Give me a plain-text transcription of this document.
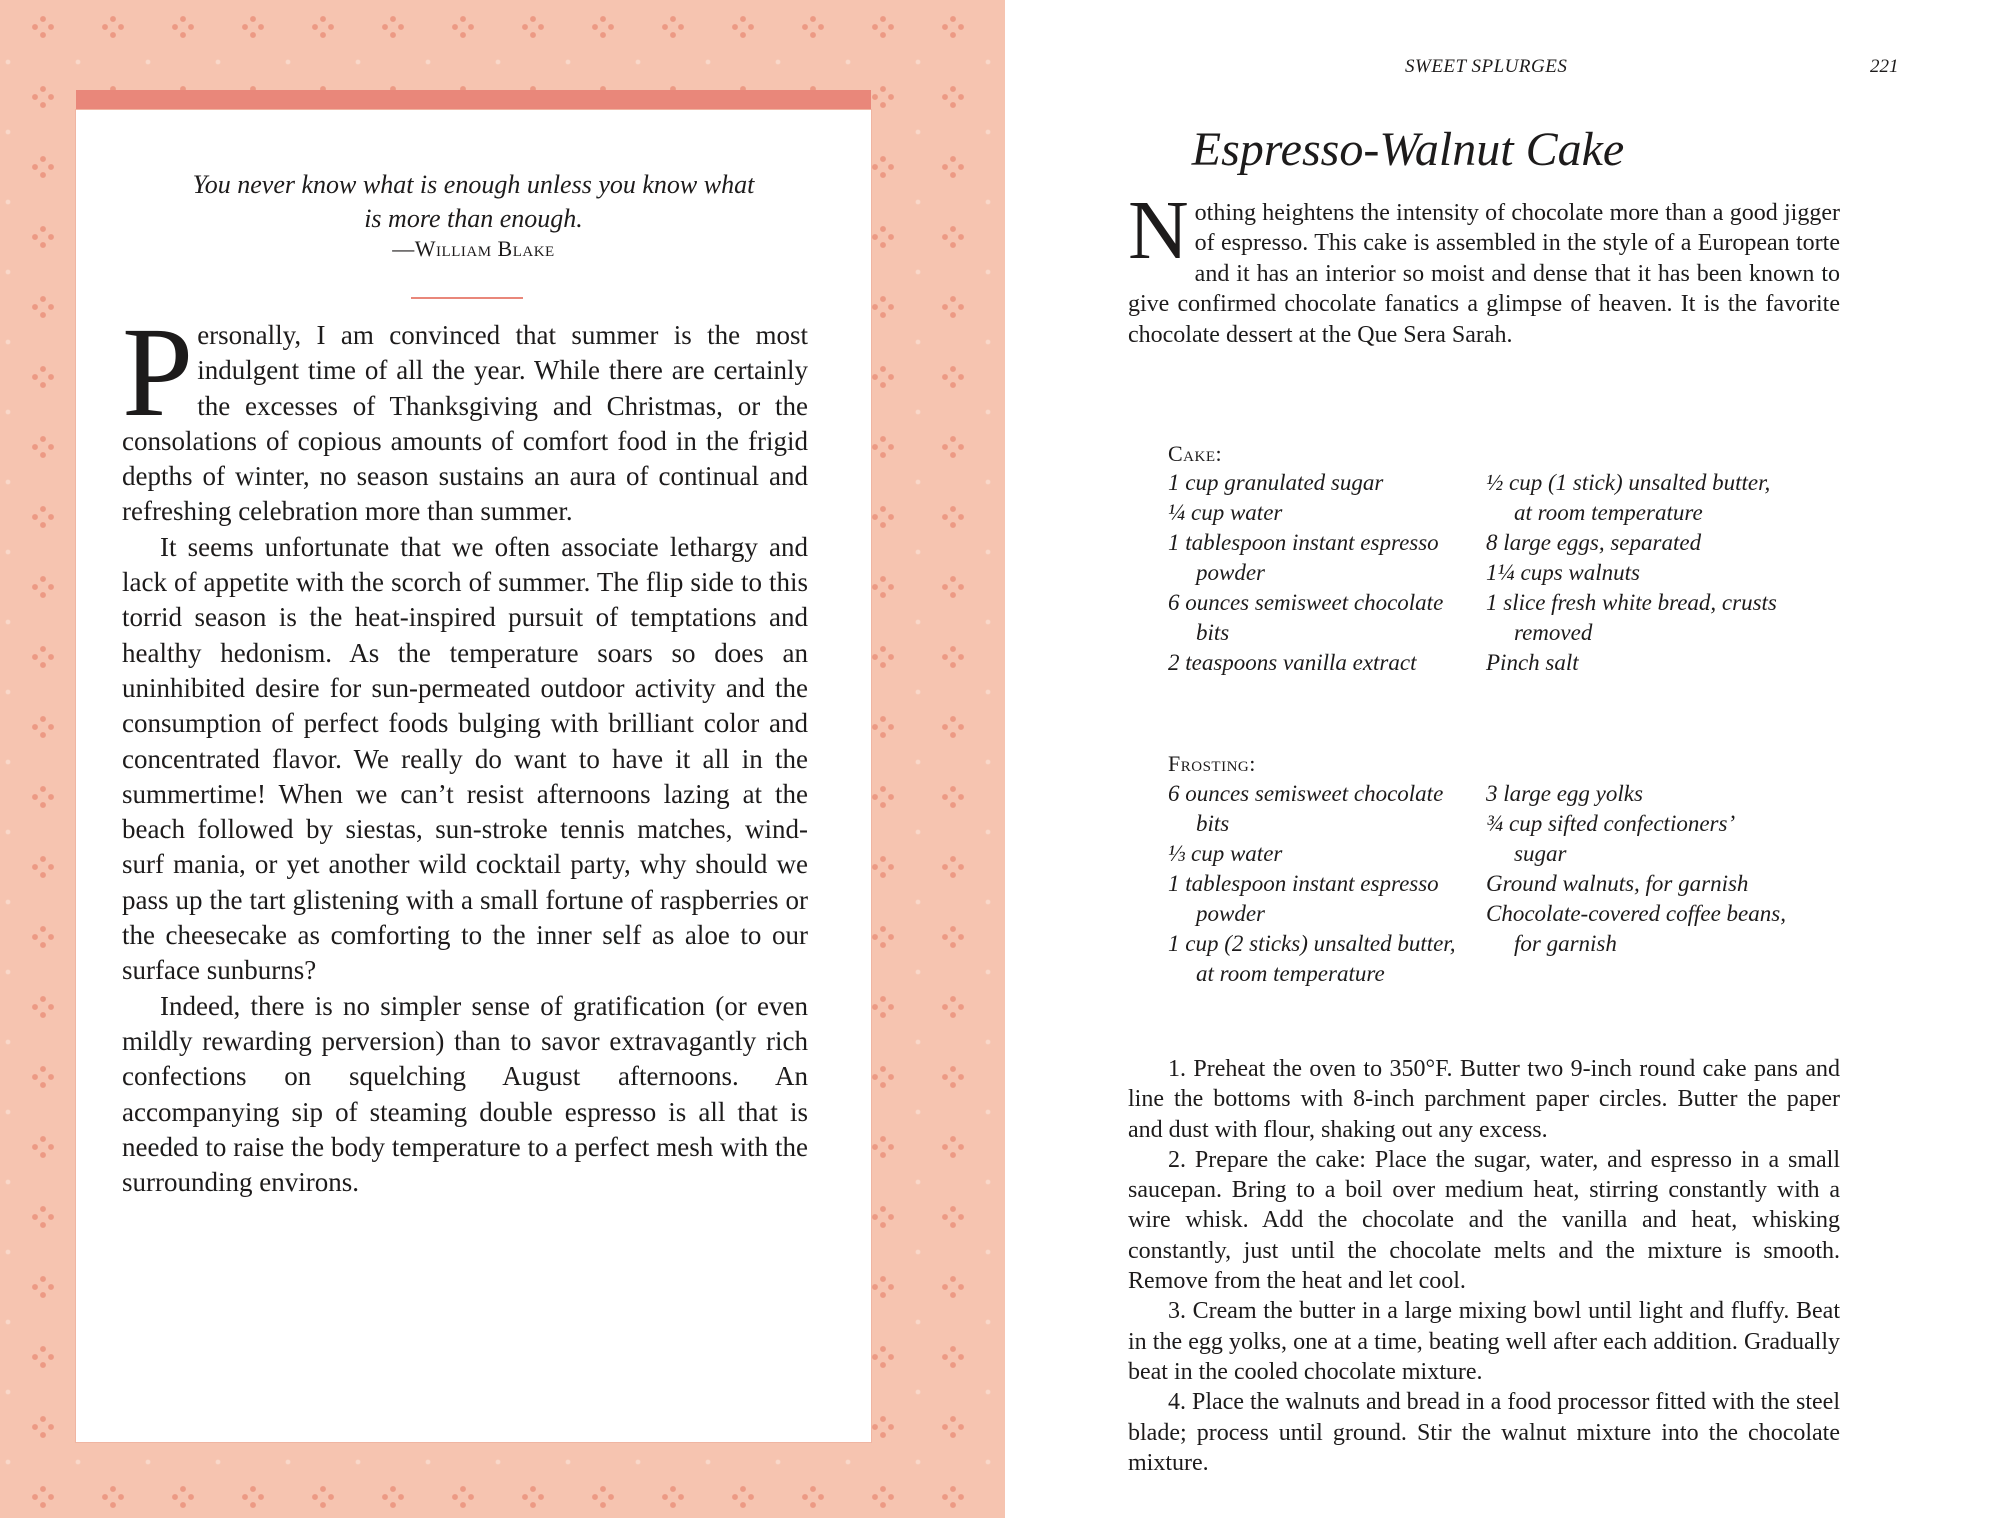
You never know what is enough unless you know what
is more than enough.
—William Blake

Personally, I am convinced that summer is the most indulgent time of all the year. While there are certainly the excesses of Thanksgiving and Christmas, or the consolations of copious amounts of comfort food in the frigid depths of winter, no season sustains an aura of continual and refreshing celebration more than summer.

It seems unfortunate that we often associate lethargy and lack of appetite with the scorch of summer. The flip side to this torrid season is the heat-inspired pursuit of temptations and healthy hedonism. As the temperature soars so does an uninhibited desire for sun-permeated outdoor activity and the consumption of perfect foods bulging with brilliant color and concentrated flavor. We really do want to have it all in the summertime! When we can’t resist afternoons lazing at the beach followed by siestas, sun-stroke tennis matches, wind-surf mania, or yet another wild cocktail party, why should we pass up the tart glistening with a small fortune of raspberries or the cheesecake as comforting to the inner self as aloe to our surface sunburns?

Indeed, there is no simpler sense of gratification (or even mildly rewarding perversion) than to savor extravagantly rich confections on squelching August afternoons. An accompanying sip of steaming double espresso is all that is needed to raise the body temperature to a perfect mesh with the surrounding environs.

SWEET SPLURGES	221
Espresso-Walnut Cake

Nothing heightens the intensity of chocolate more than a good jigger of espresso. This cake is assembled in the style of a European torte and it has an interior so moist and dense that it has been known to give confirmed chocolate fanatics a glimpse of heaven. It is the favorite chocolate dessert at the Que Sera Sarah.

Cake:
1 cup granulated sugar
¼ cup water
1 tablespoon instant espresso powder
6 ounces semisweet chocolate bits
2 teaspoons vanilla extract
½ cup (1 stick) unsalted butter, at room temperature
8 large eggs, separated
1¼ cups walnuts
1 slice fresh white bread, crusts removed
Pinch salt
Frosting:
6 ounces semisweet chocolate bits
⅓ cup water
1 tablespoon instant espresso powder
1 cup (2 sticks) unsalted butter, at room temperature
3 large egg yolks
¾ cup sifted confectioners’ sugar
Ground walnuts, for garnish
Chocolate-covered coffee beans, for garnish

1. Preheat the oven to 350°F. Butter two 9-inch round cake pans and line the bottoms with 8-inch parchment paper circles. Butter the paper and dust with flour, shaking out any excess.

2. Prepare the cake: Place the sugar, water, and espresso in a small saucepan. Bring to a boil over medium heat, stirring constantly with a wire whisk. Add the chocolate and the vanilla and heat, whisking constantly, just until the chocolate melts and the mixture is smooth. Remove from the heat and let cool.

3. Cream the butter in a large mixing bowl until light and fluffy. Beat in the egg yolks, one at a time, beating well after each addition. Gradually beat in the cooled chocolate mixture.

4. Place the walnuts and bread in a food processor fitted with the steel blade; process until ground. Stir the walnut mixture into the chocolate mixture.
